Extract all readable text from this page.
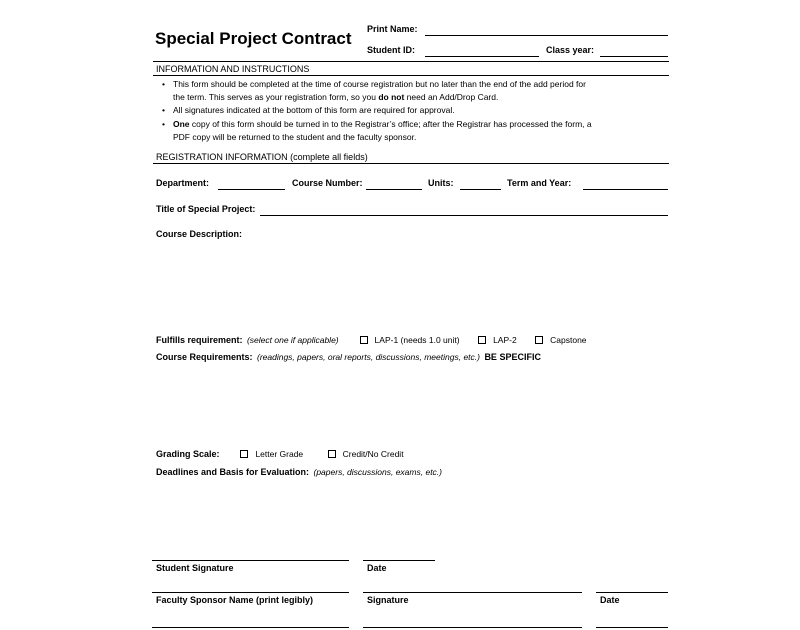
Special Project Contract Print Name:
Student ID:	Class year:
INFORMATION AND INSTRUCTIONS
• This form should be completed at the time of course registration but no later than the end of the add period for
the term. This serves as your registration form, so you do not need an Add/Drop Card.
• All signatures indicated at the bottom of this form are required for approval.
• One copy of this form should be turned in to the Registrar’s office; after the Registrar has processed the form, a
PDF copy will be returned to the student and the faculty sponsor.
REGISTRATION INFORMATION (complete all fields)
Department:	Course Number:	Units:	Term and Year:
Title of Special Project:
Course Description:
Fulfills requirement: (select one if applicable)	LAP-1 (needs 1.0 unit)	LAP-2	Capstone
Course Requirements: (readings, papers, oral reports, discussions, meetings, etc.) BE SPECIFIC
Grading Scale:	Letter Grade	Credit/No Credit
Deadlines and Basis for Evaluation: (papers, discussions, exams, etc.)
Student Signature	Date
Faculty Sponsor Name (print legibly)	Signature	Date
